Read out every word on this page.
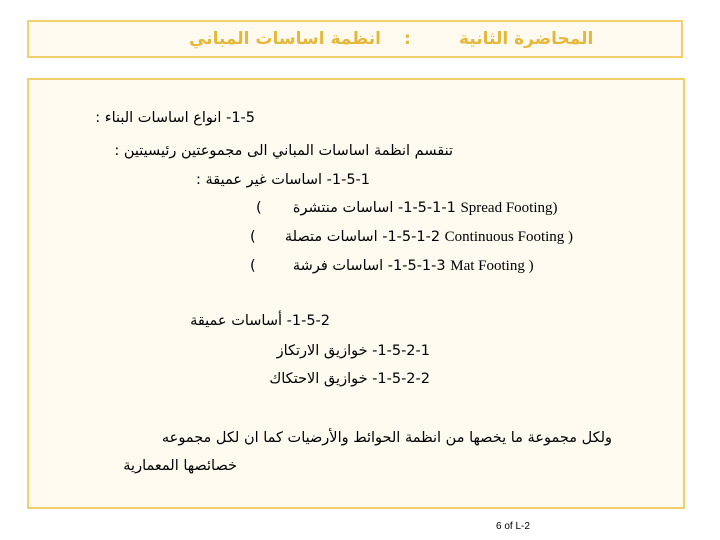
انظمة اساسات المباني :	المحاضرة الثانية
1-5- انواع اساسات البناء :
تنقسم انظمة اساسات المباني الى مجموعتين رئيسيتين :
1-5-1- اساسات غير عميقة :
( 1-5-1-1- اساسات منتشرة Spread Footing)
( 1-5-1-2- اساسات متصلة Continuous Footing )
(	1-5-1-3- اساسات فرشة Mat Footing )
1-5-2- أساسات عميقة
1-5-2-1- خوازيق الارتكاز
1-5-2-2- خوازيق الاحتكاك
ولكل مجموعة ما يخصها من انظمة الحوائط والأرضيات كما ان لكل مجموعه
خصائصها المعمارية
6 of L-2
